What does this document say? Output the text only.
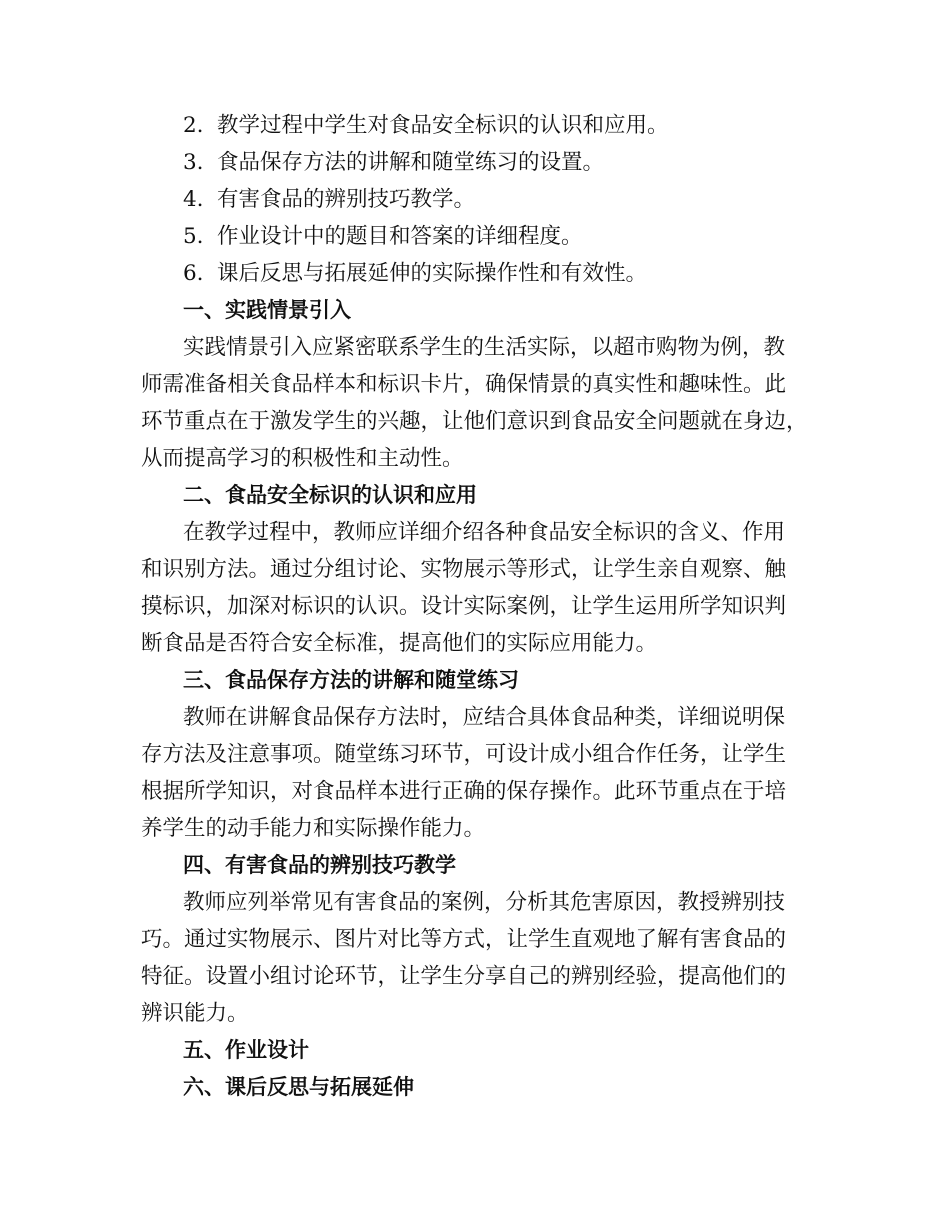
2. 教学过程中学生对食品安全标识的认识和应用。
3. 食品保存方法的讲解和随堂练习的设置。
4. 有害食品的辨别技巧教学。
5. 作业设计中的题目和答案的详细程度。
6. 课后反思与拓展延伸的实际操作性和有效性。
一、实践情景引入
实践情景引入应紧密联系学生的生活实际，以超市购物为例，教
师需准备相关食品样本和标识卡片，确保情景的真实性和趣味性。此
环节重点在于激发学生的兴趣，让他们意识到食品安全问题就在身边，
从而提高学习的积极性和主动性。
二、食品安全标识的认识和应用
在教学过程中，教师应详细介绍各种食品安全标识的含义、作用
和识别方法。通过分组讨论、实物展示等形式，让学生亲自观察、触
摸标识，加深对标识的认识。设计实际案例，让学生运用所学知识判
断食品是否符合安全标准，提高他们的实际应用能力。
三、食品保存方法的讲解和随堂练习
教师在讲解食品保存方法时，应结合具体食品种类，详细说明保
存方法及注意事项。随堂练习环节，可设计成小组合作任务，让学生
根据所学知识，对食品样本进行正确的保存操作。此环节重点在于培
养学生的动手能力和实际操作能力。
四、有害食品的辨别技巧教学
教师应列举常见有害食品的案例，分析其危害原因，教授辨别技
巧。通过实物展示、图片对比等方式，让学生直观地了解有害食品的
特征。设置小组讨论环节，让学生分享自己的辨别经验，提高他们的
辨识能力。
五、作业设计
六、课后反思与拓展延伸
